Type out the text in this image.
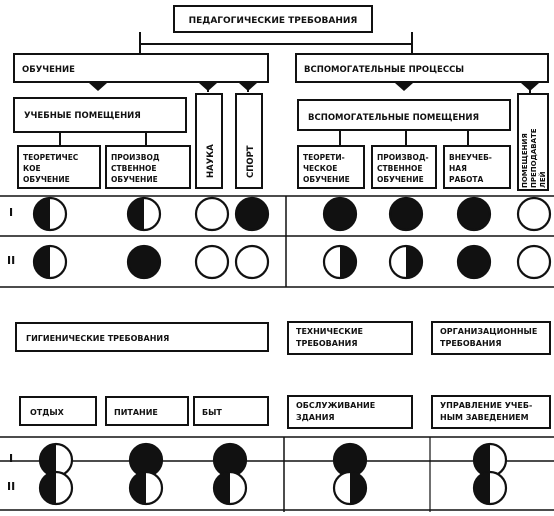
ПЕДАГОГИЧЕСКИЕ ТРЕБОВАНИЯ
ОБУЧЕНИЕ	ВСПОМОГАТЕЛЬНЫЕ ПРОЦЕССЫ
УЧЕБНЫЕ ПОМЕЩЕНИЯ
НАУКА	СПОРТ
ВСПОМОГАТЕЛЬНЫЕ ПОМЕЩЕНИЯ
ПОМЕЩЕНИЯПРЕПОДАВАТЕЛЕЙ
ТЕОРЕТИЧЕС КОЕ ОБУЧЕНИЕ
ПРОИЗВОД СТВЕННОЕ ОБУЧЕНИЕ
ТЕОРЕТИ-ЧЕСКОЕ ОБУЧЕНИЕ
ПРОИЗВОД-СТВЕННОЕ ОБУЧЕНИЕ
ВНЕУЧЕБ-НАЯ РАБОТА
I
II
ГИГИЕНИЧЕСКИЕ ТРЕБОВАНИЯ
ТЕХНИЧЕСКИЕ ТРЕБОВАНИЯ
ОРГАНИЗАЦИОННЫЕ ТРЕБОВАНИЯ
ОТДЫХ	ПИТАНИЕ	БЫТ
ОБСЛУЖИВАНИЕ ЗДАНИЯ
УПРАВЛЕНИЕ УЧЕБ-НЫМ ЗАВЕДЕНИЕМ
I
II
